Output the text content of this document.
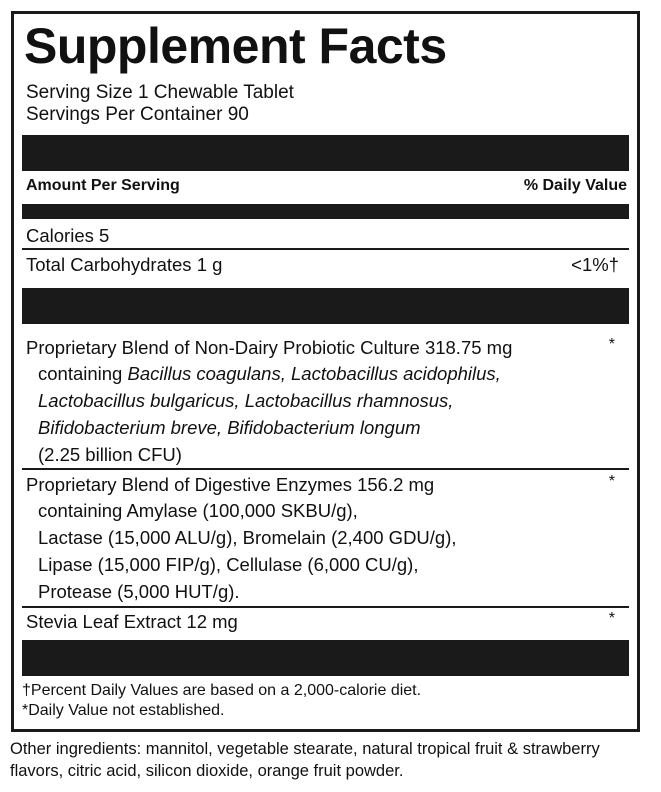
Supplement Facts
Serving Size 1 Chewable Tablet
Servings Per Container 90
Amount Per Serving	% Daily Value
Calories 5
Total Carbohydrates 1 g	<1%†
Proprietary Blend of Non-Dairy Probiotic Culture 318.75 mg	*
containing Bacillus coagulans, Lactobacillus acidophilus,
Lactobacillus bulgaricus, Lactobacillus rhamnosus,
Bifidobacterium breve, Bifidobacterium longum
(2.25 billion CFU)
Proprietary Blend of Digestive Enzymes 156.2 mg	*
containing Amylase (100,000 SKBU/g),
Lactase (15,000 ALU/g), Bromelain (2,400 GDU/g),
Lipase (15,000 FIP/g), Cellulase (6,000 CU/g),
Protease (5,000 HUT/g).
Stevia Leaf Extract 12 mg	*
†Percent Daily Values are based on a 2,000-calorie diet.
*Daily Value not established.
Other ingredients: mannitol, vegetable stearate, natural tropical fruit & strawberry flavors, citric acid, silicon dioxide, orange fruit powder.
